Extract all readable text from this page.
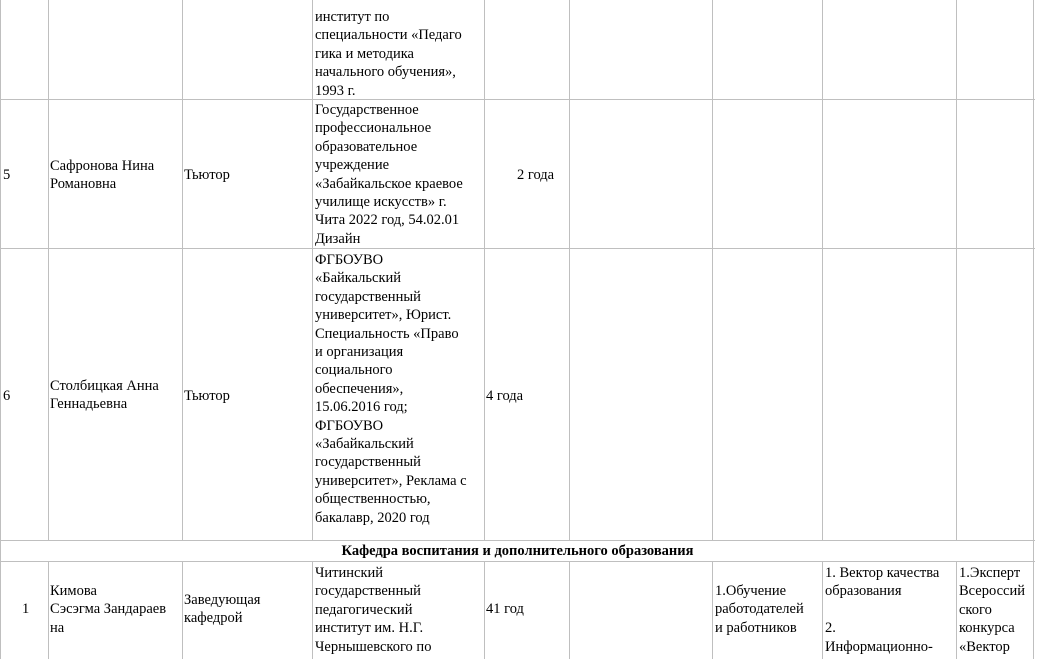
институт по
специальности «Педаго
гика и методика
начального обучения»,
1993 г.
5
Сафронова Нина
Романовна
Тьютор
Государственное
профессиональное
образовательное
учреждение
«Забайкальское краевое
училище искусств» г.
Чита 2022 год, 54.02.01
Дизайн
2 года
6
Столбицкая Анна
Геннадьевна
Тьютор
ФГБОУВО
«Байкальский
государственный
университет», Юрист.
Специальность «Право
и организация
социального
обеспечения»,
15.06.2016 год;
ФГБОУВО
«Забайкальский
государственный
университет», Реклама с
общественностью,
бакалавр, 2020 год
4 года
Кафедра воспитания и дополнительного образования
1
Кимова
Сэсэгма Зандараев
на
Заведующая
кафедрой
Читинский
государственный
педагогический
институт им. Н.Г.
Чернышевского по
41 год
1.Обучение
работодателей
и работников
1. Вектор качества
образования
2.
Информационно-
1.Эксперт
Всероссий
ского
конкурса
«Вектор
